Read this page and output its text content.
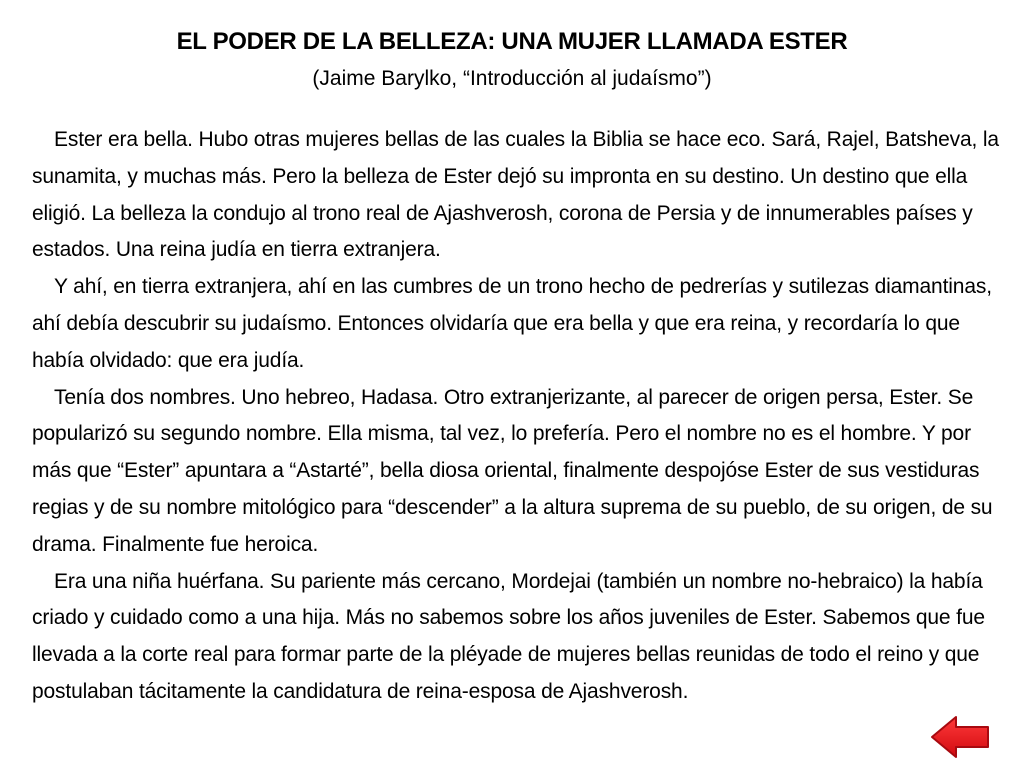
EL PODER DE LA BELLEZA: UNA MUJER LLAMADA ESTER
(Jaime Barylko, “Introducción al judaísmo”)

Ester era bella. Hubo otras mujeres bellas de las cuales la Biblia se hace eco. Sará, Rajel, Batsheva, la sunamita, y muchas más. Pero la belleza de Ester dejó su impronta en su destino. Un destino que ella eligió. La belleza la condujo al trono real de Ajashverosh, corona de Persia y de innumerables países y estados. Una reina judía en tierra extranjera.

Y ahí, en tierra extranjera, ahí en las cumbres de un trono hecho de pedrerías y sutilezas diamantinas, ahí debía descubrir su judaísmo. Entonces olvidaría que era bella y que era reina, y recordaría lo que había olvidado: que era judía.

Tenía dos nombres. Uno hebreo, Hadasa. Otro extranjerizante, al parecer de origen persa, Ester. Se popularizó su segundo nombre. Ella misma, tal vez, lo prefería. Pero el nombre no es el hombre. Y por más que “Ester” apuntara a “Astarté”, bella diosa oriental, finalmente despojóse Ester de sus vestiduras regias y de su nombre mitológico para “descender” a la altura suprema de su pueblo, de su origen, de su drama. Finalmente fue heroica.

Era una niña huérfana. Su pariente más cercano, Mordejai (también un nombre no-hebraico) la había criado y cuidado como a una hija. Más no sabemos sobre los años juveniles de Ester. Sabemos que fue llevada a la corte real para formar parte de la pléyade de mujeres bellas reunidas de todo el reino y que postulaban tácitamente la candidatura de reina-esposa de Ajashverosh.
